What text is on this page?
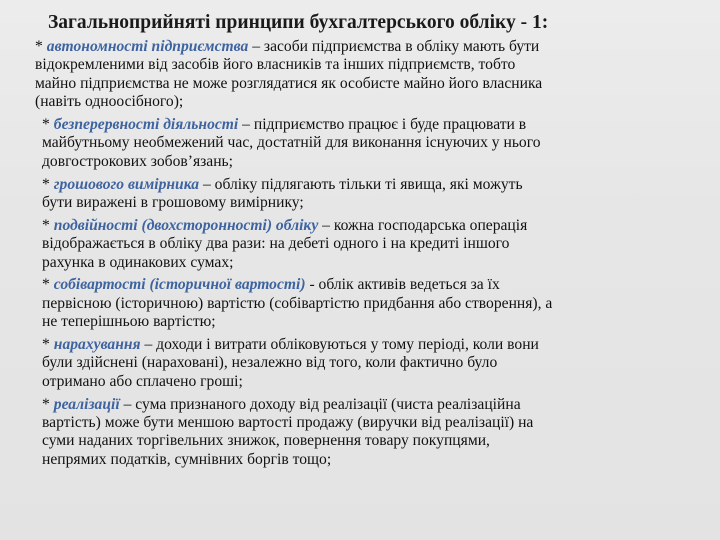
Загальноприйняті принципи бухгалтерського обліку - 1:
* автономності підприємства – засоби підприємства в обліку мають бути
відокремленими від засобів його власників та інших підприємств, тобто
майно підприємства не може розглядатися як особисте майно його власника
(навіть одноосібного);
* безперервності діяльності – підприємство працює і буде працювати в
майбутньому необмежений час, достатній для виконання існуючих у нього
довгострокових зобов’язань;
* грошового вимірника – обліку підлягають тільки ті явища, які можуть
бути виражені в грошовому вимірнику;
* подвійності (двохсторонності) обліку – кожна господарська операція
відображається в обліку два рази: на дебеті одного і на кредиті іншого
рахунка в одинакових сумах;
* собівартості (історичної вартості) - облік активів ведеться за їх
первісною (історичною) вартістю (собівартістю придбання або створення), а
не теперішньою вартістю;
* нарахування – доходи і витрати обліковуються у тому періоді, коли вони
були здійснені (нараховані), незалежно від того, коли фактично було
отримано або сплачено гроші;
* реалізації – сума признаного доходу від реалізації (чиста реалізаційна
вартість) може бути меншою вартості продажу (виручки від реалізації) на
суми наданих торгівельних знижок, повернення товару покупцями,
непрямих податків, сумнівних боргів тощо;
